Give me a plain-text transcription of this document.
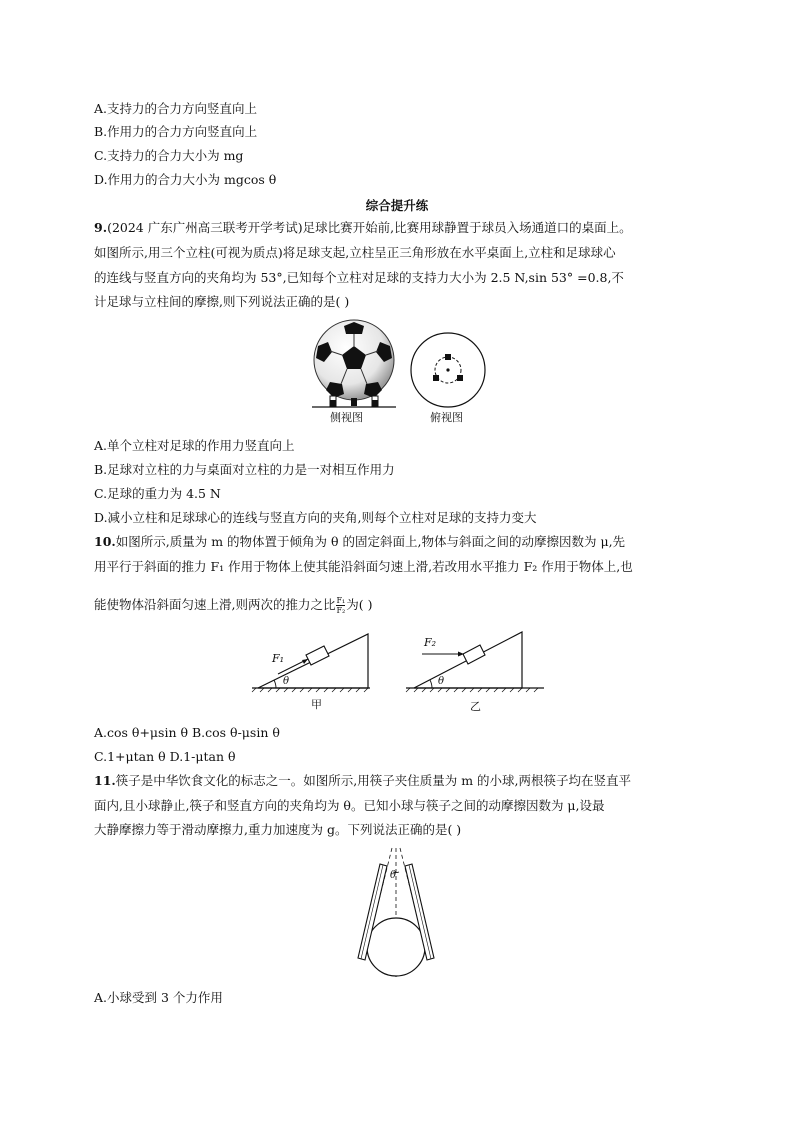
A.支持力的合力方向竖直向上
B.作用力的合力方向竖直向上
C.支持力的合力大小为 mg
D.作用力的合力大小为 mgcos θ
综合提升练
9.(2024 广东广州高三联考开学考试)足球比赛开始前,比赛用球静置于球员入场通道口的桌面上。
如图所示,用三个立柱(可视为质点)将足球支起,立柱呈正三角形放在水平桌面上,立柱和足球球心
的连线与竖直方向的夹角均为 53°,已知每个立柱对足球的支持力大小为 2.5 N,sin 53° =0.8,不
计足球与立柱间的摩擦,则下列说法正确的是( )
侧视图	俯视图
A.单个立柱对足球的作用力竖直向上
B.足球对立柱的力与桌面对立柱的力是一对相互作用力
C.足球的重力为 4.5 N
D.减小立柱和足球球心的连线与竖直方向的夹角,则每个立柱对足球的支持力变大
10.如图所示,质量为 m 的物体置于倾角为 θ 的固定斜面上,物体与斜面之间的动摩擦因数为 μ,先
用平行于斜面的推力 F₁ 作用于物体上使其能沿斜面匀速上滑,若改用水平推力 F₂ 作用于物体上,也
能使物体沿斜面匀速上滑,则两次的推力之比 $\frac{\text{F₁}}{\text{F₂}}$ 为( )
F₁
θ
F₂
θ
甲	乙
A.cos θ+μsin θ B.cos θ-μsin θ
C.1+μtan θ D.1-μtan θ
11.筷子是中华饮食文化的标志之一。如图所示,用筷子夹住质量为 m 的小球,两根筷子均在竖直平
面内,且小球静止,筷子和竖直方向的夹角均为 θ。已知小球与筷子之间的动摩擦因数为 μ,设最
大静摩擦力等于滑动摩擦力,重力加速度为 g。下列说法正确的是( )
θ
A.小球受到 3 个力作用
